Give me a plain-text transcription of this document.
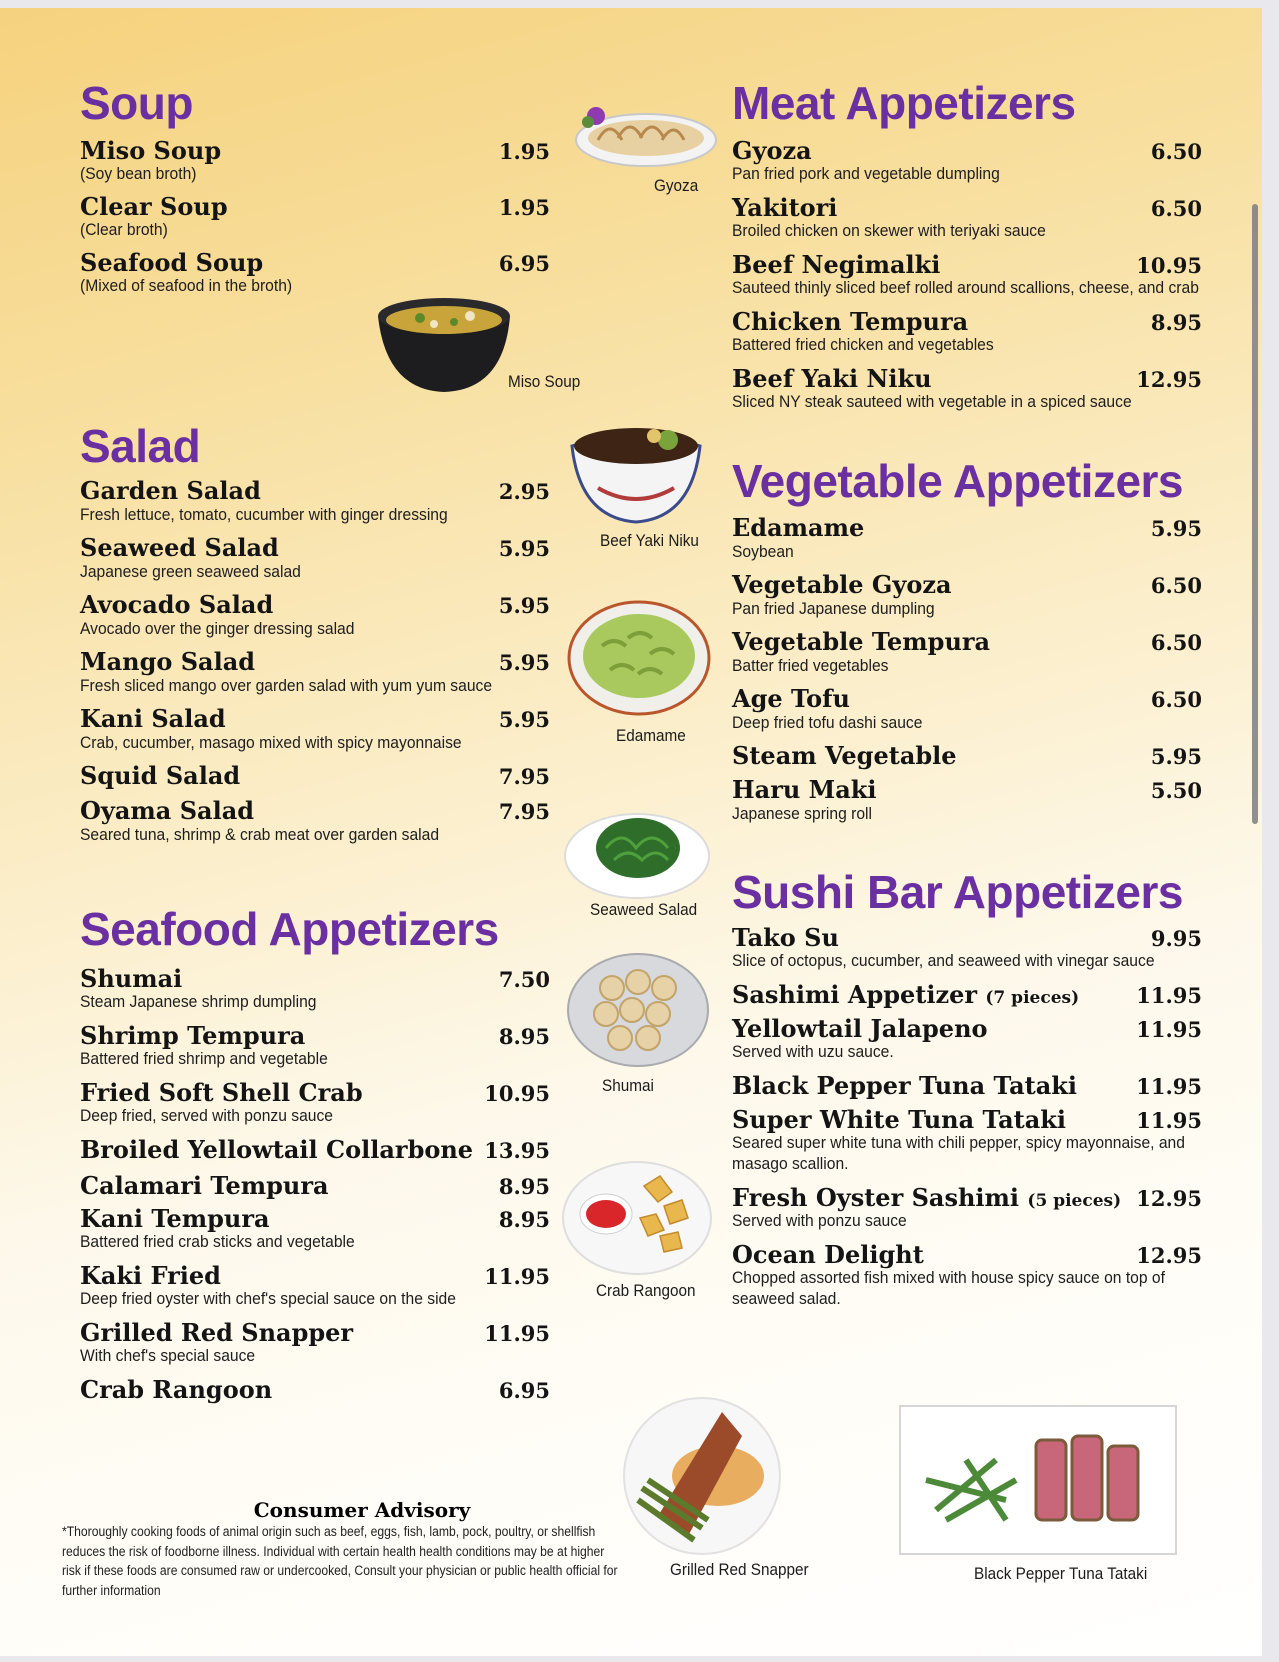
Soup
Miso Soup	1.95
(Soy bean broth)
Clear Soup	1.95
(Clear broth)
Seafood Soup	6.95
(Mixed of seafood in the broth)
Salad
Garden Salad	2.95
Fresh lettuce, tomato, cucumber with ginger dressing
Seaweed Salad	5.95
Japanese green seaweed salad
Avocado Salad	5.95
Avocado over the ginger dressing salad
Mango Salad	5.95
Fresh sliced mango over garden salad with yum yum sauce
Kani Salad	5.95
Crab, cucumber, masago mixed with spicy mayonnaise
Squid Salad	7.95
Oyama Salad	7.95
Seared tuna, shrimp & crab meat over garden salad
Seafood Appetizers
Shumai	7.50
Steam Japanese shrimp dumpling
Shrimp Tempura	8.95
Battered fried shrimp and vegetable
Fried Soft Shell Crab	10.95
Deep fried, served with ponzu sauce
Broiled Yellowtail Collarbone 13.95
Calamari Tempura	8.95
Kani Tempura	8.95
Battered fried crab sticks and vegetable
Kaki Fried	11.95
Deep fried oyster with chef's special sauce on the side
Grilled Red Snapper	11.95
With chef's special sauce
Crab Rangoon	6.95
Meat Appetizers
Gyoza	6.50
Pan fried pork and vegetable dumpling
Yakitori	6.50
Broiled chicken on skewer with teriyaki sauce
Beef Negimalki	10.95
Sauteed thinly sliced beef rolled around scallions, cheese, and crab
Chicken Tempura	8.95
Battered fried chicken and vegetables
Beef Yaki Niku	12.95
Sliced NY steak sauteed with vegetable in a spiced sauce
Vegetable Appetizers
Edamame	5.95
Soybean
Vegetable Gyoza	6.50
Pan fried Japanese dumpling
Vegetable Tempura	6.50
Batter fried vegetables
Age Tofu	6.50
Deep fried tofu dashi sauce
Steam Vegetable	5.95
Haru Maki	5.50
Japanese spring roll
Sushi Bar Appetizers
Tako Su	9.95
Slice of octopus, cucumber, and seaweed with vinegar sauce
Sashimi Appetizer (7 pieces)	11.95
Yellowtail Jalapeno	11.95
Served with uzu sauce.
Black Pepper Tuna Tataki	11.95
Super White Tuna Tataki	11.95
Seared super white tuna with chili pepper, spicy mayonnaise, and masago scallion.
Fresh Oyster Sashimi (5 pieces) 12.95
Served with ponzu sauce
Ocean Delight	12.95
Chopped assorted fish mixed with house spicy sauce on top of seaweed salad.
Gyoza
Miso Soup
Beef Yaki Niku
Edamame
Seaweed Salad
Shumai
Crab Rangoon
Grilled Red Snapper	Black Pepper Tuna Tataki
Consumer Advisory
*Thoroughly cooking foods of animal origin such as beef, eggs, fish, lamb, pock, poultry, or shellfish reduces the risk of foodborne illness. Individual with certain health health conditions may be at higher risk if these foods are consumed raw or undercooked, Consult your physician or public health official for further information
